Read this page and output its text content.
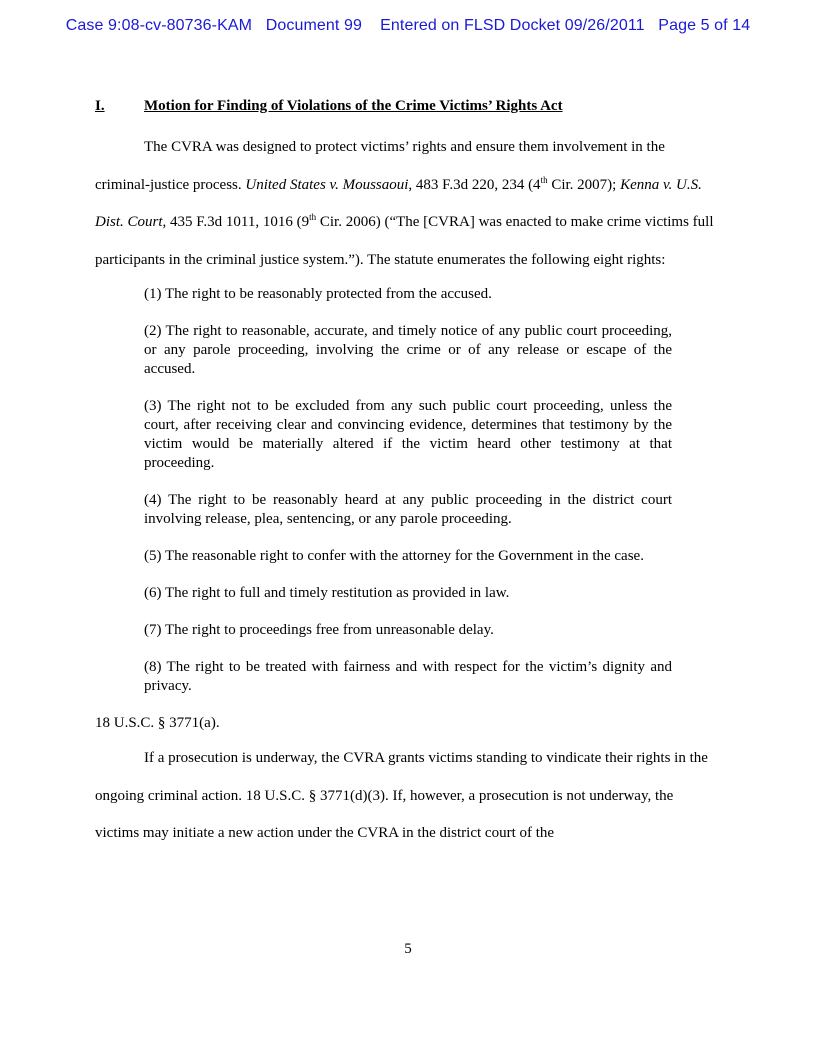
Case 9:08-cv-80736-KAM Document 99 Entered on FLSD Docket 09/26/2011 Page 5 of 14
I.	Motion for Finding of Violations of the Crime Victims’ Rights Act

The CVRA was designed to protect victims’ rights and ensure them involvement in the criminal-justice process. United States v. Moussaoui, 483 F.3d 220, 234 (4th Cir. 2007); Kenna v. U.S. Dist. Court, 435 F.3d 1011, 1016 (9th Cir. 2006) (“The [CVRA] was enacted to make crime victims full participants in the criminal justice system.”). The statute enumerates the following eight rights:

(1) The right to be reasonably protected from the accused.

(2) The right to reasonable, accurate, and timely notice of any public court proceeding, or any parole proceeding, involving the crime or of any release or escape of the accused.

(3) The right not to be excluded from any such public court proceeding, unless the court, after receiving clear and convincing evidence, determines that testimony by the victim would be materially altered if the victim heard other testimony at that proceeding.

(4) The right to be reasonably heard at any public proceeding in the district court involving release, plea, sentencing, or any parole proceeding.

(5) The reasonable right to confer with the attorney for the Government in the case.

(6) The right to full and timely restitution as provided in law.

(7) The right to proceedings free from unreasonable delay.

(8) The right to be treated with fairness and with respect for the victim’s dignity and privacy.

18 U.S.C. § 3771(a).

If a prosecution is underway, the CVRA grants victims standing to vindicate their rights in the ongoing criminal action. 18 U.S.C. § 3771(d)(3). If, however, a prosecution is not underway, the victims may initiate a new action under the CVRA in the district court of the

5
